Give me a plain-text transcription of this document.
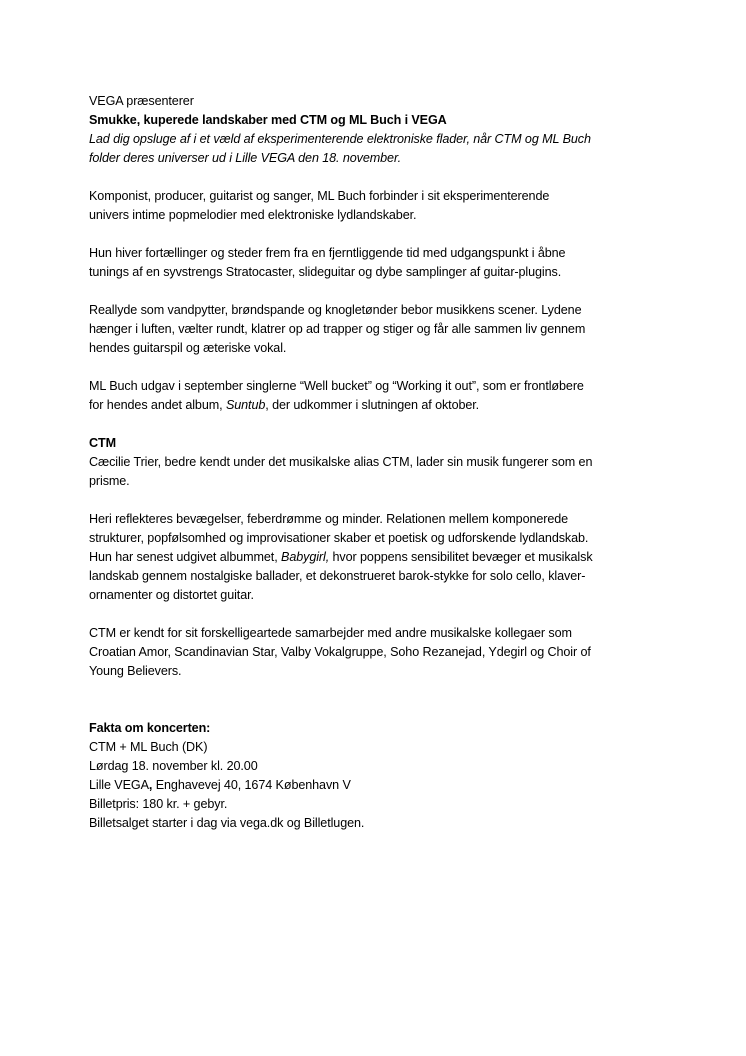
VEGA præsenterer
Smukke, kuperede landskaber med CTM og ML Buch i VEGA
Lad dig opsluge af i et væld af eksperimenterende elektroniske flader, når CTM og ML Buch
folder deres universer ud i Lille VEGA den 18. november.
Komponist, producer, guitarist og sanger, ML Buch forbinder i sit eksperimenterende
univers intime popmelodier med elektroniske lydlandskaber.
Hun hiver fortællinger og steder frem fra en fjerntliggende tid med udgangspunkt i åbne
tunings af en syvstrengs Stratocaster, slideguitar og dybe samplinger af guitar-plugins.
Reallyde som vandpytter, brøndspande og knogletønder bebor musikkens scener. Lydene
hænger i luften, vælter rundt, klatrer op ad trapper og stiger og får alle sammen liv gennem
hendes guitarspil og æteriske vokal.
ML Buch udgav i september singlerne “Well bucket” og “Working it out”, som er frontløbere
for hendes andet album, Suntub, der udkommer i slutningen af oktober.
CTM
Cæcilie Trier, bedre kendt under det musikalske alias CTM, lader sin musik fungerer som en
prisme.
Heri reflekteres bevægelser, feberdrømme og minder. Relationen mellem komponerede
strukturer, popfølsomhed og improvisationer skaber et poetisk og udforskende lydlandskab.
Hun har senest udgivet albummet, Babygirl, hvor poppens sensibilitet bevæger et musikalsk
landskab gennem nostalgiske ballader, et dekonstrueret barok-stykke for solo cello, klaver-
ornamenter og distortet guitar.
CTM er kendt for sit forskelligeartede samarbejder med andre musikalske kollegaer som
Croatian Amor, Scandinavian Star, Valby Vokalgruppe, Soho Rezanejad, Ydegirl og Choir of
Young Believers.
Fakta om koncerten:
CTM + ML Buch (DK)
Lørdag 18. november kl. 20.00
Lille VEGA, Enghavevej 40, 1674 København V
Billetpris: 180 kr. + gebyr.
Billetsalget starter i dag via vega.dk og Billetlugen.
